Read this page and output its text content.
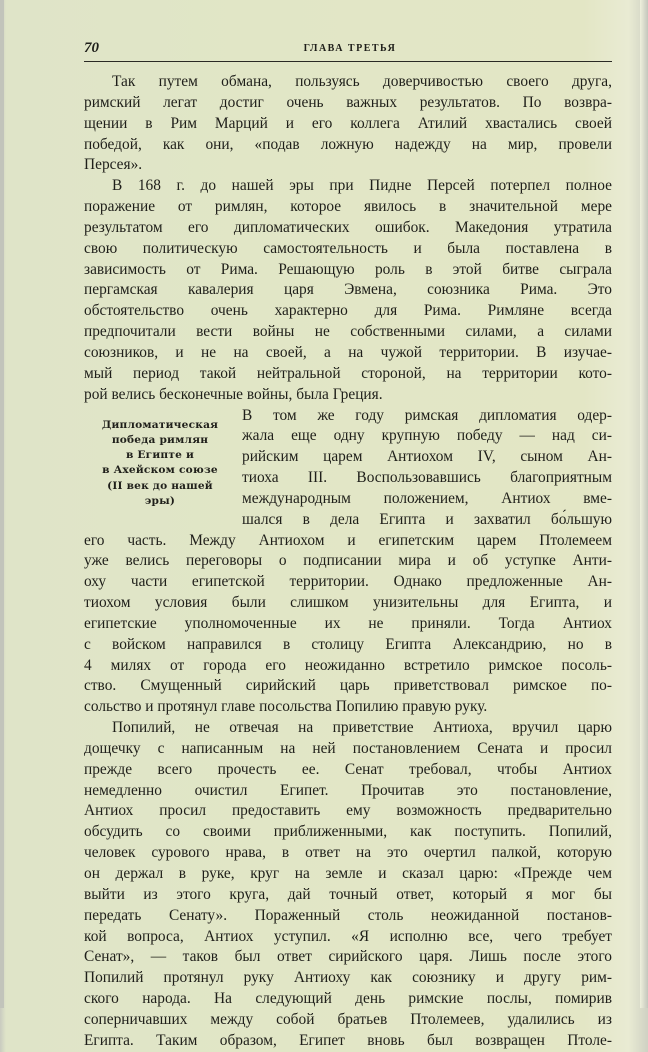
70	ГЛАВА ТРЕТЬЯ
Так путем обмана, пользуясь доверчивостью своего друга,
римский легат достиг очень важных результатов. По возвра-
щении в Рим Марций и его коллега Атилий хвастались своей
победой, как они, «подав ложную надежду на мир, провели
Персея».
В 168 г. до нашей эры при Пидне Персей потерпел полное
поражение от римлян, которое явилось в значительной мере
результатом его дипломатических ошибок. Македония утратила
свою политическую самостоятельность и была поставлена в
зависимость от Рима. Решающую роль в этой битве сыграла
пергамская кавалерия царя Эвмена, союзника Рима. Это
обстоятельство очень характерно для Рима. Римляне всегда
предпочитали вести войны не собственными силами, а силами
союзников, и не на своей, а на чужой территории. В изучае-
мый период такой нейтральной стороной, на территории кото-
рой велись бесконечные войны, была Греция.
Дипломатическая
победа римлян
в Египте и
в Ахейском союзе
(II век до нашей
эры)
В том же году римская дипломатия одер-
жала еще одну крупную победу — над си-
рийским царем Антиохом IV, сыном Ан-
тиоха III. Воспользовавшись благоприятным
международным положением, Антиох вме-
шался в дела Египта и захватил бо́льшую
его часть. Между Антиохом и египетским царем Птолемеем
уже велись переговоры о подписании мира и об уступке Анти-
оху части египетской территории. Однако предложенные Ан-
тиохом условия были слишком унизительны для Египта, и
египетские уполномоченные их не приняли. Тогда Антиох
с войском направился в столицу Египта Александрию, но в
4 милях от города его неожиданно встретило римское посоль-
ство. Смущенный сирийский царь приветствовал римское по-
сольство и протянул главе посольства Попилию правую руку.
Попилий, не отвечая на приветствие Антиоха, вручил царю
дощечку с написанным на ней постановлением Сената и просил
прежде всего прочесть ее. Сенат требовал, чтобы Антиох
немедленно очистил Египет. Прочитав это постановление,
Антиох просил предоставить ему возможность предварительно
обсудить со своими приближенными, как поступить. Попилий,
человек сурового нрава, в ответ на это очертил палкой, которую
он держал в руке, круг на земле и сказал царю: «Прежде чем
выйти из этого круга, дай точный ответ, который я мог бы
передать Сенату». Пораженный столь неожиданной постанов-
кой вопроса, Антиох уступил. «Я исполню все, чего требует
Сенат», — таков был ответ сирийского царя. Лишь после этого
Попилий протянул руку Антиоху как союзнику и другу рим-
ского народа. На следующий день римские послы, помирив
соперничавших между собой братьев Птолемеев, удалились из
Египта. Таким образом, Египет вновь был возвращен Птоле-
